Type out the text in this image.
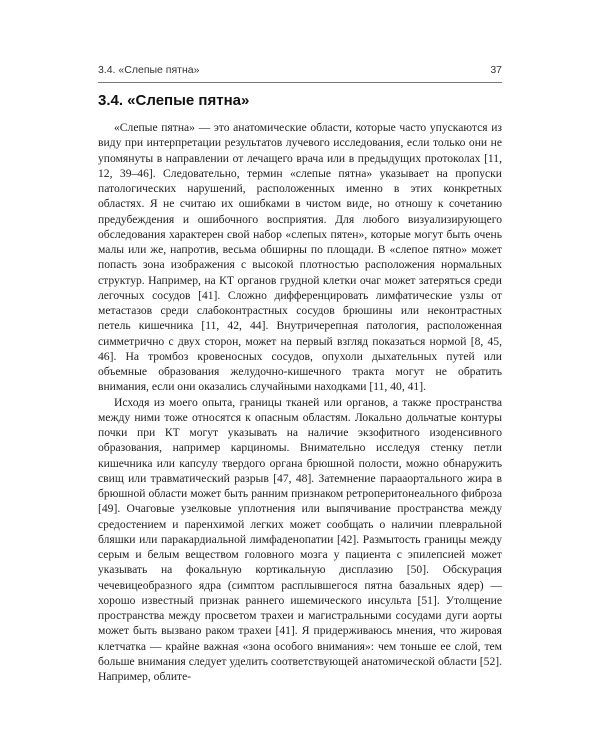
3.4. «Слепые пятна»	37
3.4. «Слепые пятна»

«Слепые пятна» — это анатомические области, которые часто упускаются из виду при интерпретации результатов лучевого исследования, если только они не упомянуты в направлении от лечащего врача или в предыдущих протоколах [11, 12, 39–46]. Следовательно, термин «слепые пятна» указывает на пропуски патологических нарушений, расположенных именно в этих конкретных областях. Я не считаю их ошибками в чистом виде, но отношу к сочетанию предубеждения и ошибочного восприятия. Для любого визуализирующего обследования характерен свой набор «слепых пятен», которые могут быть очень малы или же, напротив, весьма обширны по площади. В «слепое пятно» может попасть зона изображения с высокой плотностью расположения нормальных структур. Например, на КТ органов грудной клетки очаг может затеряться среди легочных сосудов [41]. Сложно дифференцировать лимфатические узлы от метастазов среди слабоконтрастных сосудов брюшины или неконтрастных петель кишечника [11, 42, 44]. Внутричерепная патология, расположенная симметрично с двух сторон, может на первый взгляд показаться нормой [8, 45, 46]. На тромбоз кровеносных сосудов, опухоли дыхательных путей или объемные образования желудочно-кишечного тракта могут не обратить внимания, если они оказались случайными находками [11, 40, 41].

Исходя из моего опыта, границы тканей или органов, а также пространства между ними тоже относятся к опасным областям. Локально дольчатые контуры почки при КТ могут указывать на наличие экзофитного изоденсивного образования, например карциномы. Внимательно исследуя стенку петли кишечника или капсулу твердого органа брюшной полости, можно обнаружить свищ или травматический разрыв [47, 48]. Затемнение парааортального жира в брюшной области может быть ранним признаком ретроперитонеального фиброза [49]. Очаговые узелковые уплотнения или выпячивание пространства между средостением и паренхимой легких может сообщать о наличии плевральной бляшки или паракардиальной лимфаденопатии [42]. Размытость границы между серым и белым веществом головного мозга у пациента с эпилепсией может указывать на фокальную кортикальную дисплазию [50]. Обскурация чечевицеобразного ядра (симптом расплывшегося пятна базальных ядер) — хорошо известный признак раннего ишемического инсульта [51]. Утолщение пространства между просветом трахеи и магистральными сосудами дуги аорты может быть вызвано раком трахеи [41]. Я придерживаюсь мнения, что жировая клетчатка — крайне важная «зона особого внимания»: чем тоньше ее слой, тем больше внимания следует уделить соответствующей анатомической области [52]. Например, облите-
